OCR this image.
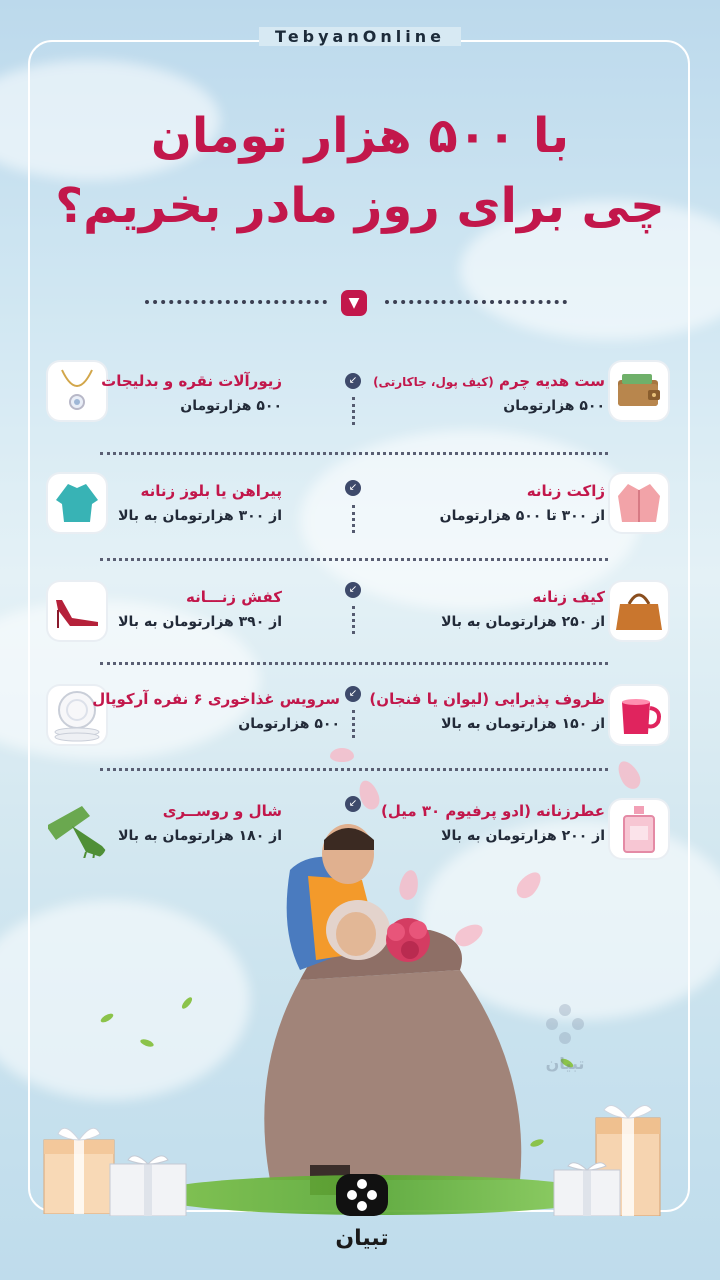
TebyanOnline
با ۵۰۰ هزار تومان
چی برای روز مادر بخریم؟
▼
ست هدیه چرم (کیف پول، جاکارتی)
۵۰۰ هزارتومان
زیورآلات نقره و بدلیجات
۵۰۰ هزارتومان
↙
ژاکت زنانه
از ۳۰۰ تا ۵۰۰ هزارتومان
پیراهن یا بلوز زنانه
از ۳۰۰ هزارتومان به بالا
↙
کیف زنانه
از ۲۵۰ هزارتومان به بالا
کفش زنـــانه
از ۳۹۰ هزارتومان به بالا
↙
ظروف پذیرایی (لیوان یا فنجان)
از ۱۵۰ هزارتومان به بالا
سرویس غذاخوری ۶ نفره آرکوپال
۵۰۰ هزارتومان
↙
عطرزنانه (ادو پرفیوم ۳۰ میل)
از ۲۰۰ هزارتومان به بالا
شال و روســری
از ۱۸۰ هزارتومان به بالا
↙
تبیان
تبیان
